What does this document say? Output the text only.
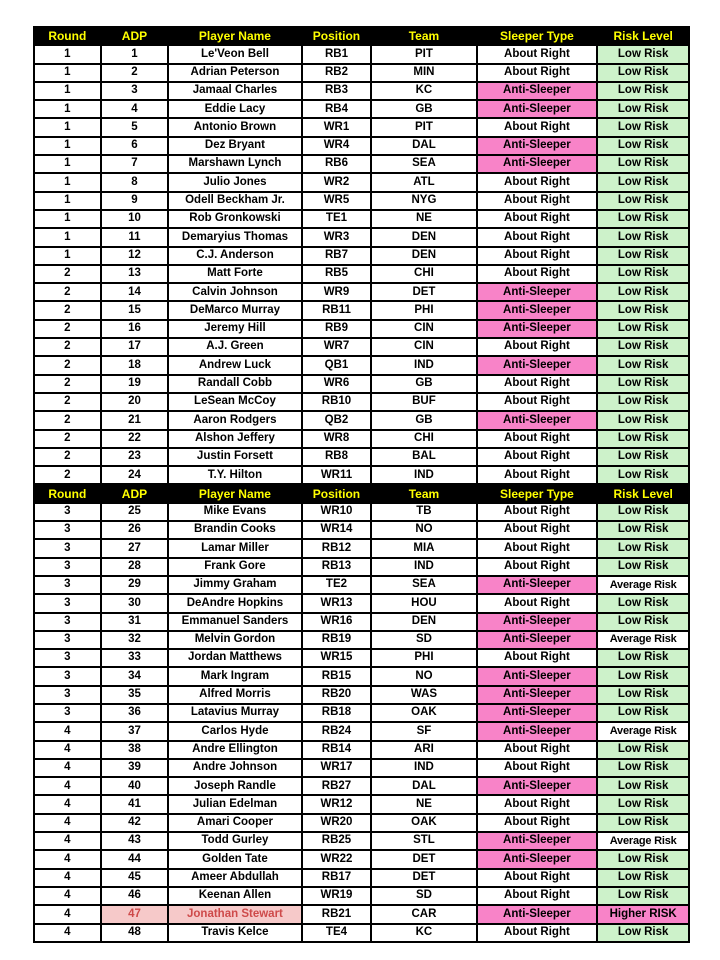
Round	ADP	Player Name	Position	Team	Sleeper Type	Risk Level
1	1	Le'Veon Bell	RB1	PIT	About Right	Low Risk
1	2	Adrian Peterson	RB2	MIN	About Right	Low Risk
1	3	Jamaal Charles	RB3	KC	Anti-Sleeper	Low Risk
1	4	Eddie Lacy	RB4	GB	Anti-Sleeper	Low Risk
1	5	Antonio Brown	WR1	PIT	About Right	Low Risk
1	6	Dez Bryant	WR4	DAL	Anti-Sleeper	Low Risk
1	7	Marshawn Lynch	RB6	SEA	Anti-Sleeper	Low Risk
1	8	Julio Jones	WR2	ATL	About Right	Low Risk
1	9	Odell Beckham Jr.	WR5	NYG	About Right	Low Risk
1	10	Rob Gronkowski	TE1	NE	About Right	Low Risk
1	11	Demaryius Thomas	WR3	DEN	About Right	Low Risk
1	12	C.J. Anderson	RB7	DEN	About Right	Low Risk
2	13	Matt Forte	RB5	CHI	About Right	Low Risk
2	14	Calvin Johnson	WR9	DET	Anti-Sleeper	Low Risk
2	15	DeMarco Murray	RB11	PHI	Anti-Sleeper	Low Risk
2	16	Jeremy Hill	RB9	CIN	Anti-Sleeper	Low Risk
2	17	A.J. Green	WR7	CIN	About Right	Low Risk
2	18	Andrew Luck	QB1	IND	Anti-Sleeper	Low Risk
2	19	Randall Cobb	WR6	GB	About Right	Low Risk
2	20	LeSean McCoy	RB10	BUF	About Right	Low Risk
2	21	Aaron Rodgers	QB2	GB	Anti-Sleeper	Low Risk
2	22	Alshon Jeffery	WR8	CHI	About Right	Low Risk
2	23	Justin Forsett	RB8	BAL	About Right	Low Risk
2	24	T.Y. Hilton	WR11	IND	About Right	Low Risk
Round	ADP	Player Name	Position	Team	Sleeper Type	Risk Level
3	25	Mike Evans	WR10	TB	About Right	Low Risk
3	26	Brandin Cooks	WR14	NO	About Right	Low Risk
3	27	Lamar Miller	RB12	MIA	About Right	Low Risk
3	28	Frank Gore	RB13	IND	About Right	Low Risk
3	29	Jimmy Graham	TE2	SEA	Anti-Sleeper	Average Risk
3	30	DeAndre Hopkins	WR13	HOU	About Right	Low Risk
3	31	Emmanuel Sanders	WR16	DEN	Anti-Sleeper	Low Risk
3	32	Melvin Gordon	RB19	SD	Anti-Sleeper	Average Risk
3	33	Jordan Matthews	WR15	PHI	About Right	Low Risk
3	34	Mark Ingram	RB15	NO	Anti-Sleeper	Low Risk
3	35	Alfred Morris	RB20	WAS	Anti-Sleeper	Low Risk
3	36	Latavius Murray	RB18	OAK	Anti-Sleeper	Low Risk
4	37	Carlos Hyde	RB24	SF	Anti-Sleeper	Average Risk
4	38	Andre Ellington	RB14	ARI	About Right	Low Risk
4	39	Andre Johnson	WR17	IND	About Right	Low Risk
4	40	Joseph Randle	RB27	DAL	Anti-Sleeper	Low Risk
4	41	Julian Edelman	WR12	NE	About Right	Low Risk
4	42	Amari Cooper	WR20	OAK	About Right	Low Risk
4	43	Todd Gurley	RB25	STL	Anti-Sleeper	Average Risk
4	44	Golden Tate	WR22	DET	Anti-Sleeper	Low Risk
4	45	Ameer Abdullah	RB17	DET	About Right	Low Risk
4	46	Keenan Allen	WR19	SD	About Right	Low Risk
4	47	Jonathan Stewart	RB21	CAR	Anti-Sleeper	Higher RISK
4	48	Travis Kelce	TE4	KC	About Right	Low Risk
